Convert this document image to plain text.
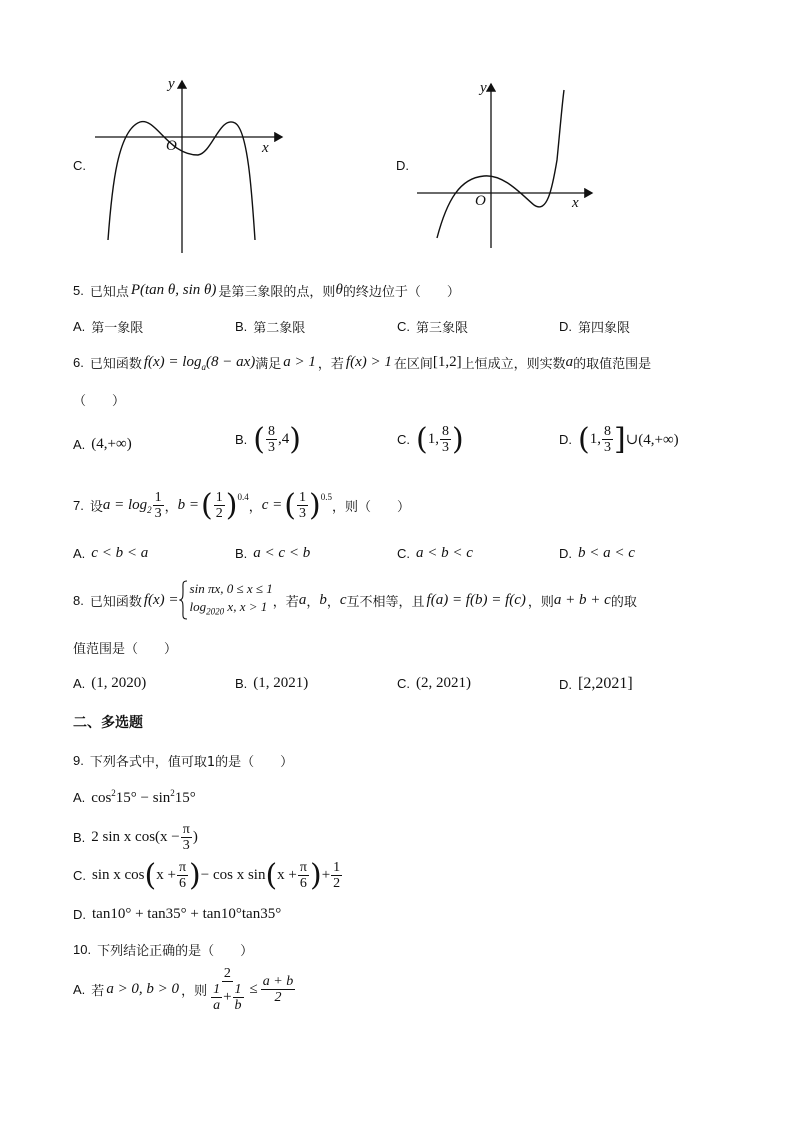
y
x
O
C.
y
x
O
D.
5. 已知点 P(tan θ, sin θ) 是第三象限的点，则 θ 的终边位于（　　）
A. 第一象限	B. 第二象限	C. 第三象限	D. 第四象限
6. 已知函数 $f(x) = \log_a(8 - ax)$ 满足 a > 1 ，若 f(x) > 1 在区间 [1,2] 上恒成立，则实数 a 的取值范围是
（　　）
A. (4,+∞)	B. ( $\frac{8}{3} ,4$ )	C. ( 1, $\frac{8}{3}$ )	D. ( 1, $\frac{8}{3}$ ] ∪(4,+∞)
7. 设 $a = \log_2 \frac{1}{3}$ ， b = ( $\frac{1}{2} )^{0.4}$
， c = ( $\frac{1}{3} )^{0.5}$
，则（　　）
A. c < b < a	B. a < c < b	C. a < b < c	D. b < a < c
8. 已知函数 f(x) =
sin πx, 0 ≤ x ≤ 1
$\log_{2020} x$, x > 1 ，若 a ， b ， c 互不相等，且 f(a) = f(b) = f(c) ，则 a + b + c 的取
值范围是（　　）
A. (1, 2020)	B. (1, 2021)	C. (2, 2021)	D. [2,2021]
二、多选题
9. 下列各式中，值可取1的是（　　）
A. $\cos^215^\circ - \sin^215^\circ$
B. 2 sin x $\cos(x - \frac{\pi}{3}$ )
C. sin x cos ( $x + \frac{\pi}{6}$ ) − cos x sin ( $x + \frac{\pi}{6}$ ) + $\frac{1}{2}$
D. tan10° + tan35° + tan10°tan35°
10. 下列结论正确的是（　　）
A. 若 a > 0, b > 0 ，则 $\frac{2}{\frac{1}{a} + \frac{1}{b}} \le \frac{a + b}{2}$
